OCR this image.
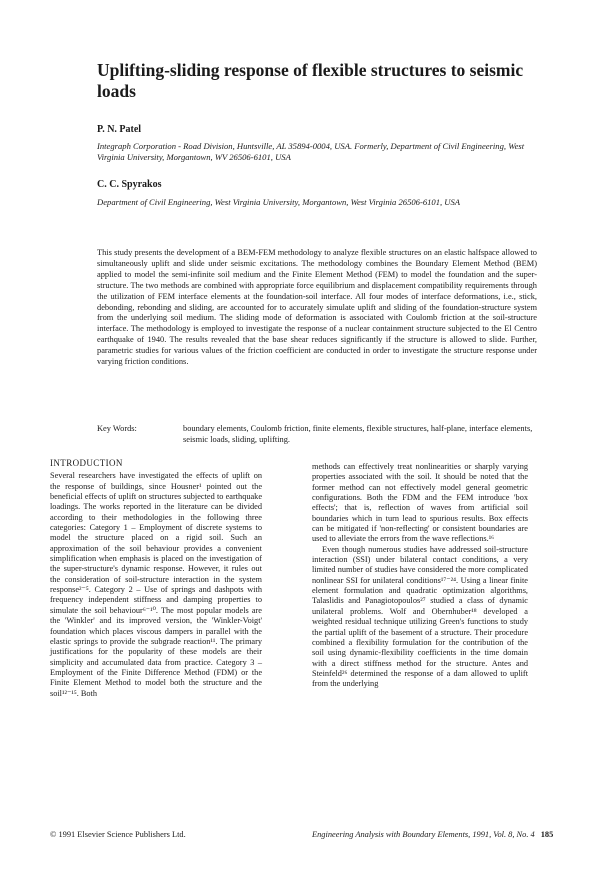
Uplifting-sliding response of flexible structures to seismic loads
P. N. Patel
Integraph Corporation - Road Division, Huntsville, AL 35894-0004, USA. Formerly, Department of Civil Engineering, West Virginia University, Morgantown, WV 26506-6101, USA
C. C. Spyrakos
Department of Civil Engineering, West Virginia University, Morgantown, West Virginia 26506-6101, USA

This study presents the development of a BEM-FEM methodology to analyze flexible structures on an elastic halfspace allowed to simultaneously uplift and slide under seismic excitations. The methodology combines the Boundary Element Method (BEM) applied to model the semi-infinite soil medium and the Finite Element Method (FEM) to model the foundation and the super-structure. The two methods are combined with appropriate force equilibrium and displacement compatibility requirements through the utilization of FEM interface elements at the foundation-soil interface. All four modes of interface deformations, i.e., stick, debonding, rebonding and sliding, are accounted for to accurately simulate uplift and sliding of the foundation-structure system from the underlying soil medium. The sliding mode of deformation is associated with Coulomb friction at the soil-structure interface. The methodology is employed to investigate the response of a nuclear containment structure subjected to the El Centro earthquake of 1940. The results revealed that the base shear reduces significantly if the structure is allowed to slide. Further, parametric studies for various values of the friction coefficient are conducted in order to investigate the structure response under varying friction conditions.

Key Words:	boundary elements, Coulomb friction, finite elements, flexible structures, half-plane, interface elements, seismic loads, sliding, uplifting.
INTRODUCTION

Several researchers have investigated the effects of uplift on the response of buildings, since Housner¹ pointed out the beneficial effects of uplift on structures subjected to earthquake loadings. The works reported in the literature can be divided according to their methodologies in the following three categories: Category 1 – Employment of discrete systems to model the structure placed on a rigid soil. Such an approximation of the soil behaviour provides a convenient simplification when emphasis is placed on the investigation of the super-structure's dynamic response. However, it rules out the consideration of soil-structure interaction in the system response²⁻⁵. Category 2 – Use of springs and dashpots with frequency independent stiffness and damping properties to simulate the soil behaviour⁶⁻¹⁰. The most popular models are the 'Winkler' and its improved version, the 'Winkler-Voigt' foundation which places viscous dampers in parallel with the elastic springs to provide the subgrade reaction¹¹. The primary justifications for the popularity of these models are their simplicity and accumulated data from practice. Category 3 – Employment of the Finite Difference Method (FDM) or the Finite Element Method to model both the structure and the soil¹²⁻¹⁵. Both

methods can effectively treat nonlinearities or sharply varying properties associated with the soil. It should be noted that the former method can not effectively model general geometric configurations. Both the FDM and the FEM introduce 'box effects'; that is, reflection of waves from artificial soil boundaries which in turn lead to spurious results. Box effects can be mitigated if 'non-reflecting' or consistent boundaries are used to alleviate the errors from the wave reflections.¹⁶

Even though numerous studies have addressed soil-structure interaction (SSI) under bilateral contact conditions, a very limited number of studies have considered the more complicated nonlinear SSI for unilateral conditions¹⁷⁻²⁴. Using a linear finite element formulation and quadratic optimization algorithms, Talaslidis and Panagiotopoulos²⁷ studied a class of dynamic unilateral problems. Wolf and Obernhuber¹⁸ developed a weighted residual technique utilizing Green's functions to study the partial uplift of the basement of a structure. Their procedure combined a flexibility formulation for the contribution of the soil using dynamic-flexibility coefficients in the time domain with a direct stiffness method for the structure. Antes and Steinfeld²⁶ determined the response of a dam allowed to uplift from the underlying

© 1991 Elsevier Science Publishers Ltd.	Engineering Analysis with Boundary Elements, 1991, Vol. 8, No. 4 185
